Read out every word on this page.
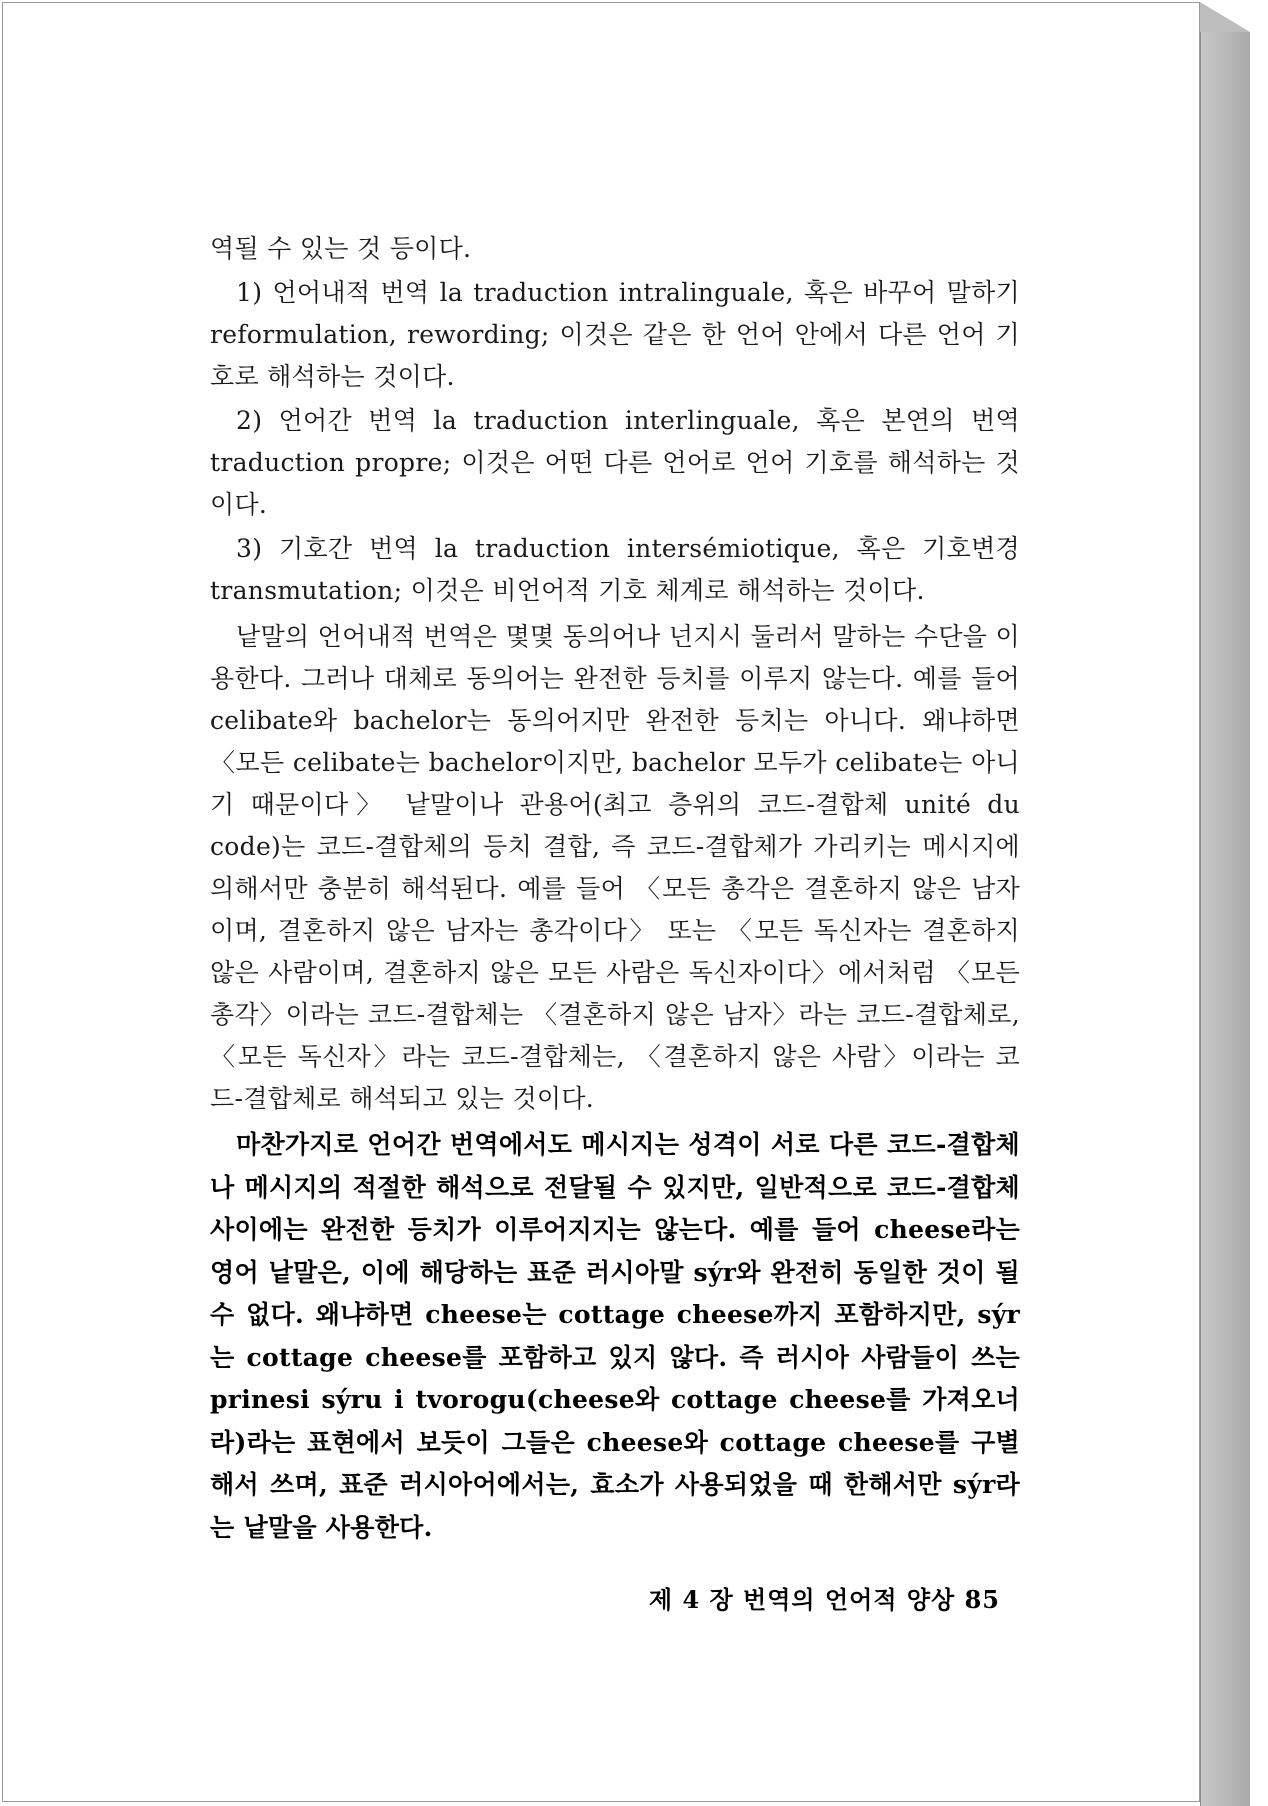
역될 수 있는 것 등이다.

1) 언어내적 번역 la traduction intralinguale, 혹은 바꾸어 말하기 reformulation, rewording; 이것은 같은 한 언어 안에서 다른 언어 기호로 해석하는 것이다.

2) 언어간 번역 la traduction interlinguale, 혹은 본연의 번역 traduction propre; 이것은 어떤 다른 언어로 언어 기호를 해석하는 것이다.

3) 기호간 번역 la traduction intersémiotique, 혹은 기호변경 transmutation; 이것은 비언어적 기호 체계로 해석하는 것이다.

낱말의 언어내적 번역은 몇몇 동의어나 넌지시 둘러서 말하는 수단을 이용한다. 그러나 대체로 동의어는 완전한 등치를 이루지 않는다. 예를 들어 celibate와 bachelor는 동의어지만 완전한 등치는 아니다. 왜냐하면 〈모든 celibate는 bachelor이지만, bachelor 모두가 celibate는 아니기 때문이다〉 낱말이나 관용어(최고 층위의 코드-결합체 unité du code)는 코드-결합체의 등치 결합, 즉 코드-결합체가 가리키는 메시지에 의해서만 충분히 해석된다. 예를 들어 〈모든 총각은 결혼하지 않은 남자이며, 결혼하지 않은 남자는 총각이다〉 또는 〈모든 독신자는 결혼하지 않은 사람이며, 결혼하지 않은 모든 사람은 독신자이다〉에서처럼 〈모든 총각〉이라는 코드-결합체는 〈결혼하지 않은 남자〉라는 코드-결합체로, 〈모든 독신자〉라는 코드-결합체는, 〈결혼하지 않은 사람〉이라는 코드-결합체로 해석되고 있는 것이다.

마찬가지로 언어간 번역에서도 메시지는 성격이 서로 다른 코드-결합체나 메시지의 적절한 해석으로 전달될 수 있지만, 일반적으로 코드-결합체 사이에는 완전한 등치가 이루어지지는 않는다. 예를 들어 cheese라는 영어 낱말은, 이에 해당하는 표준 러시아말 sýr와 완전히 동일한 것이 될 수 없다. 왜냐하면 cheese는 cottage cheese까지 포함하지만, sýr는 cottage cheese를 포함하고 있지 않다. 즉 러시아 사람들이 쓰는 prinesi sýru i tvorogu(cheese와 cottage cheese를 가져오너라)라는 표현에서 보듯이 그들은 cheese와 cottage cheese를 구별해서 쓰며, 표준 러시아어에서는, 효소가 사용되었을 때 한해서만 sýr라는 낱말을 사용한다.

제 4 장 번역의 언어적 양상 85
